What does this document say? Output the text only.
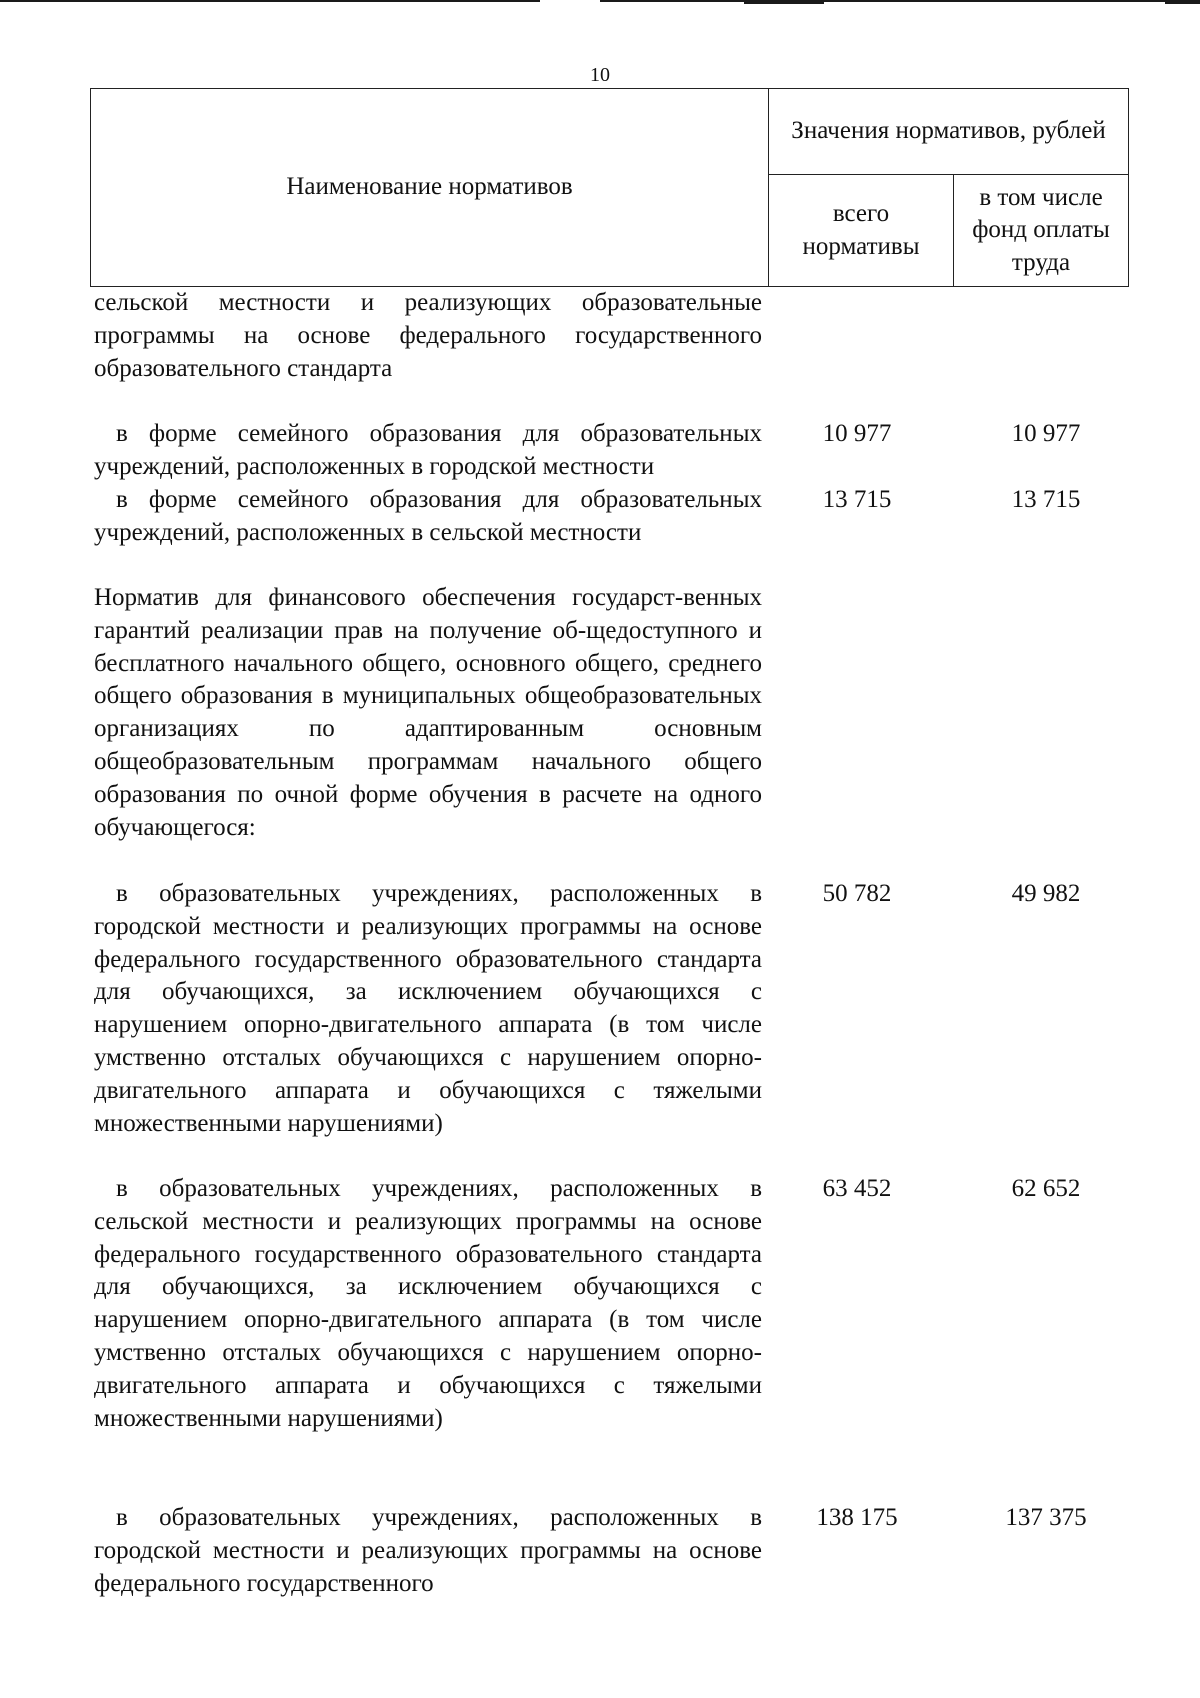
10
Наименование нормативов	Значения нормативов, рублей	
	всего нормативы	в том числе фонд оплаты труда
сельской местности и реализующих образовательные программы на основе федерального государственного образовательного стандарта
в форме семейного образования для образовательных учреждений, расположенных в городской местности
10 977	10 977
в форме семейного образования для образовательных учреждений, расположенных в сельской местности
13 715	13 715
Норматив для финансового обеспечения государст-венных гарантий реализации прав на получение об-щедоступного и бесплатного начального общего, основного общего, среднего общего образования в муниципальных общеобразовательных организациях по адаптированным основным общеобразовательным программам начального общего образования по очной форме обучения в расчете на одного обучающегося:
в образовательных учреждениях, расположенных в городской местности и реализующих программы на основе федерального государственного образовательного стандарта для обучающихся, за исключением обучающихся с нарушением опорно-двигательного аппарата (в том числе умственно отсталых обучающихся с нарушением опорно-двигательного аппарата и обучающихся с тяжелыми множественными нарушениями)
50 782	49 982
в образовательных учреждениях, расположенных в сельской местности и реализующих программы на основе федерального государственного образовательного стандарта для обучающихся, за исключением обучающихся с нарушением опорно-двигательного аппарата (в том числе умственно отсталых обучающихся с нарушением опорно-двигательного аппарата и обучающихся с тяжелыми множественными нарушениями)
63 452	62 652
в образовательных учреждениях, расположенных в городской местности и реализующих программы на основе федерального государственного
138 175	137 375
